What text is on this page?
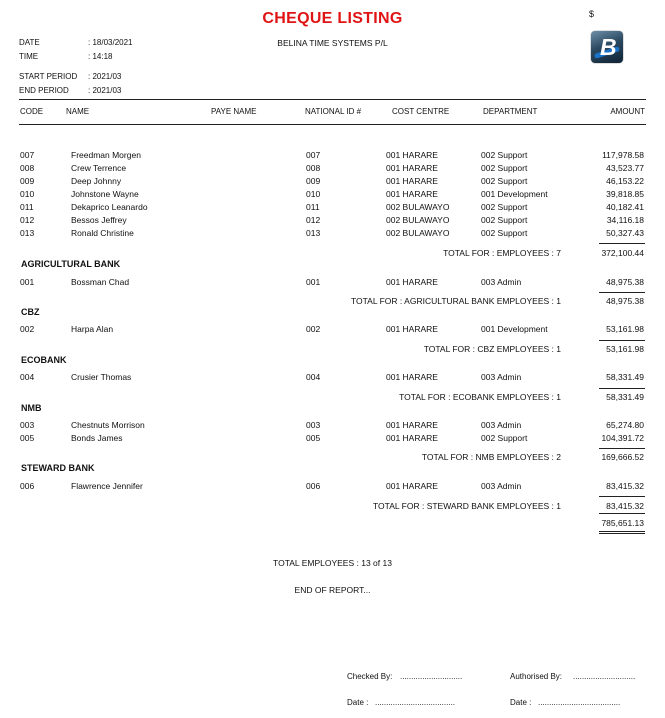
CHEQUE LISTING	$
B
BELINA TIME SYSTEMS P/L
DATE	: 18/03/2021
TIME	: 14:18
START PERIOD : 2021/03
END PERIOD : 2021/03
CODE	NAME	PAYE NAME	NATIONAL ID #	COST CENTRE	DEPARTMENT	AMOUNT
007	Freedman Morgen	007	001 HARARE	002 Support	117,978.58
008	Crew Terrence	008	001 HARARE	002 Support	43,523.77
009	Deep Johnny	009	001 HARARE	002 Support	46,153.22
010	Johnstone Wayne	010	001 HARARE	001 Development	39,818.85
011	Dekaprico Leanardo	011	002 BULAWAYO	002 Support	40,182.41
012	Bessos Jeffrey	012	002 BULAWAYO	002 Support	34,116.18
013	Ronald Christine	013	002 BULAWAYO	002 Support	50,327.43
TOTAL FOR : EMPLOYEES : 7	372,100.44
AGRICULTURAL BANK
001	Bossman Chad	001	001 HARARE	003 Admin	48,975.38
TOTAL FOR : AGRICULTURAL BANK EMPLOYEES : 1	48,975.38
CBZ
002	Harpa Alan	002	001 HARARE	001 Development	53,161.98
TOTAL FOR : CBZ EMPLOYEES : 1	53,161.98
ECOBANK
004	Crusier Thomas	004	001 HARARE	003 Admin	58,331.49
TOTAL FOR : ECOBANK EMPLOYEES : 1	58,331.49
NMB
003	Chestnuts Morrison	003	001 HARARE	003 Admin	65,274.80
005	Bonds James	005	001 HARARE	002 Support	104,391.72
TOTAL FOR : NMB EMPLOYEES : 2	169,666.52
STEWARD BANK
006	Flawrence Jennifer	006	001 HARARE	003 Admin	83,415.32
TOTAL FOR : STEWARD BANK EMPLOYEES : 1	83,415.32
785,651.13
TOTAL EMPLOYEES : 13 of 13
END OF REPORT...
Checked By: ............................	Authorised By: ............................
Date : ....................................	Date : .....................................
